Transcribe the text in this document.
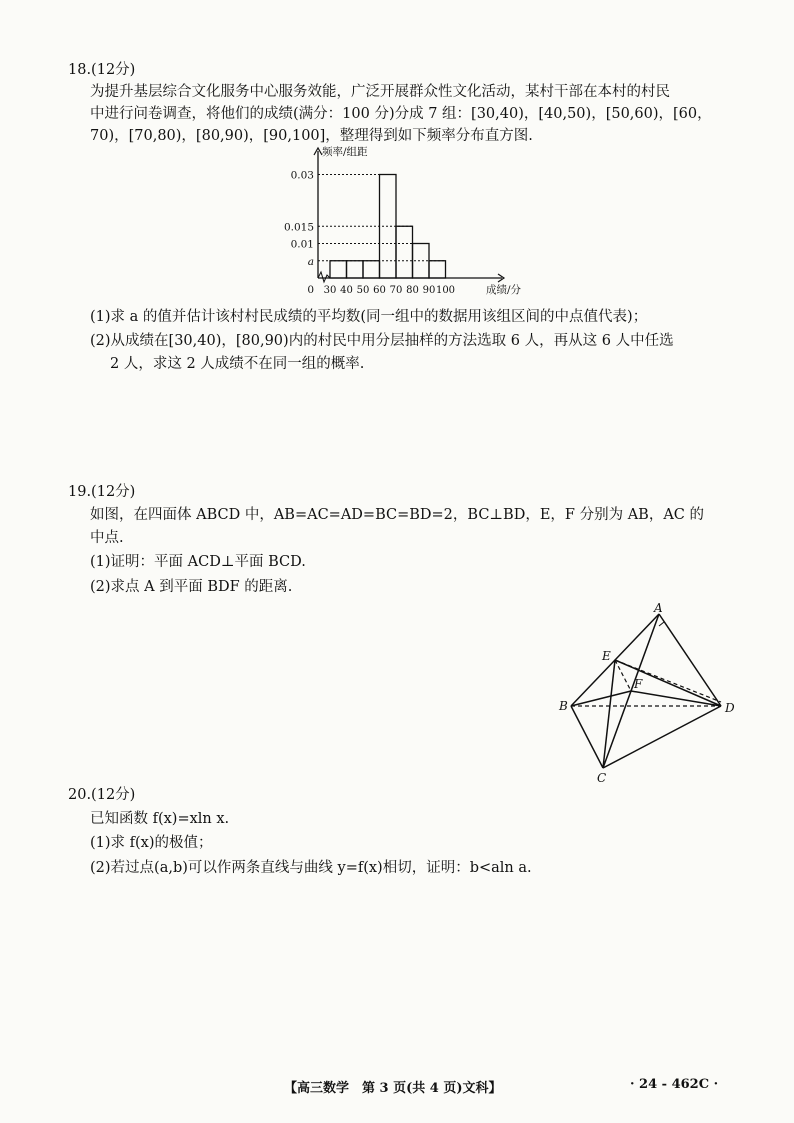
18.(12分)
为提升基层综合文化服务中心服务效能，广泛开展群众性文化活动，某村干部在本村的村民
中进行问卷调查，将他们的成绩(满分：100 分)分成 7 组：[30,40)，[40,50)，[50,60)，[60，
70)，[70,80)，[80,90)，[90,100]，整理得到如下频率分布直方图.
0.03
0.015
0.01
a
30 40 50 60 70 80 90 100
0
频率/组距
成绩/分
(1)求 a 的值并估计该村村民成绩的平均数(同一组中的数据用该组区间的中点值代表)；
(2)从成绩在[30,40)，[80,90)内的村民中用分层抽样的方法选取 6 人，再从这 6 人中任选
2 人，求这 2 人成绩不在同一组的概率.
19.(12分)
如图，在四面体 ABCD 中，AB=AC=AD=BC=BD=2，BC⊥BD，E，F 分别为 AB，AC 的
中点.
(1)证明：平面 ACD⊥平面 BCD.
(2)求点 A 到平面 BDF 的距离.
A
E
F
B	D
C
20.(12分)
已知函数 f(x)=xln x.
(1)求 f(x)的极值；
(2)若过点(a,b)可以作两条直线与曲线 y=f(x)相切，证明：b<aln a.
【高三数学　第 3 页(共 4 页)文科】	· 24 - 462C ·
